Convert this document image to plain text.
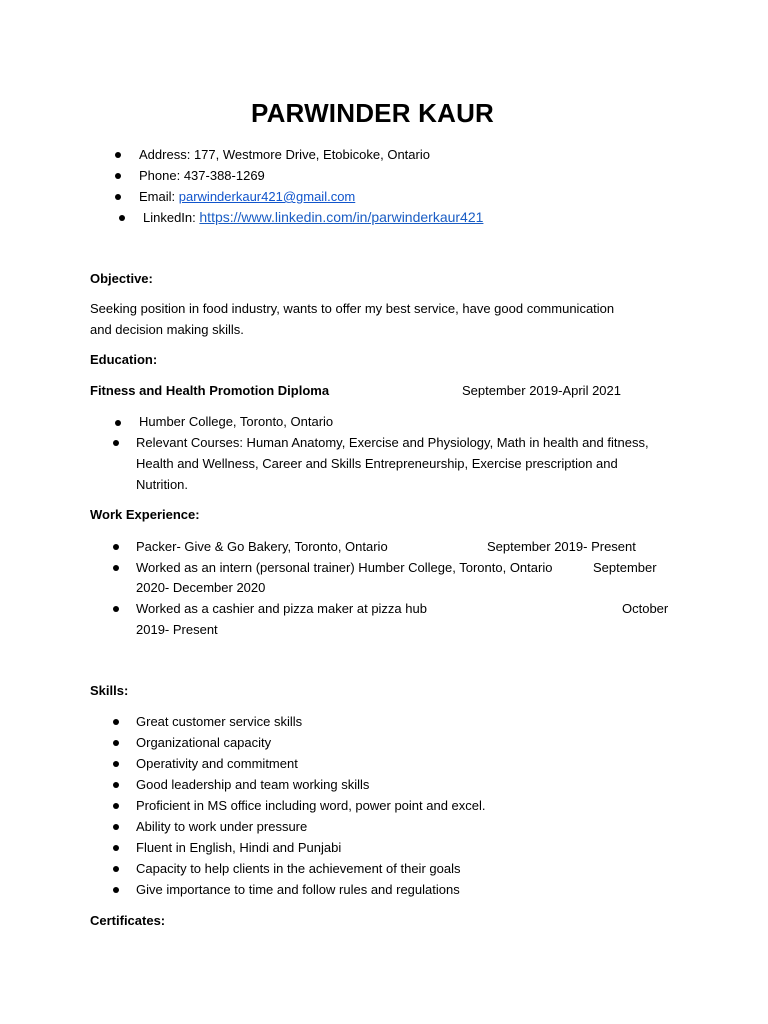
PARWINDER KAUR
Address: 177, Westmore Drive, Etobicoke, Ontario
Phone: 437-388-1269
Email: parwinderkaur421@gmail.com
LinkedIn: https://www.linkedin.com/in/parwinderkaur421
Objective:
Seeking position in food industry, wants to offer my best service, have good communication
and decision making skills.
Education:
Fitness and Health Promotion Diploma	September 2019-April 2021
Humber College, Toronto, Ontario
Relevant Courses: Human Anatomy, Exercise and Physiology, Math in health and fitness,
Health and Wellness, Career and Skills Entrepreneurship, Exercise prescription and
Nutrition.
Work Experience:
Packer- Give & Go Bakery, Toronto, Ontario	September 2019- Present
Worked as an intern (personal trainer) Humber College, Toronto, Ontario	September
2020- December 2020
Worked as a cashier and pizza maker at pizza hub	October
2019- Present
Skills:
Great customer service skills
Organizational capacity
Operativity and commitment
Good leadership and team working skills
Proficient in MS office including word, power point and excel.
Ability to work under pressure
Fluent in English, Hindi and Punjabi
Capacity to help clients in the achievement of their goals
Give importance to time and follow rules and regulations
Certificates:
